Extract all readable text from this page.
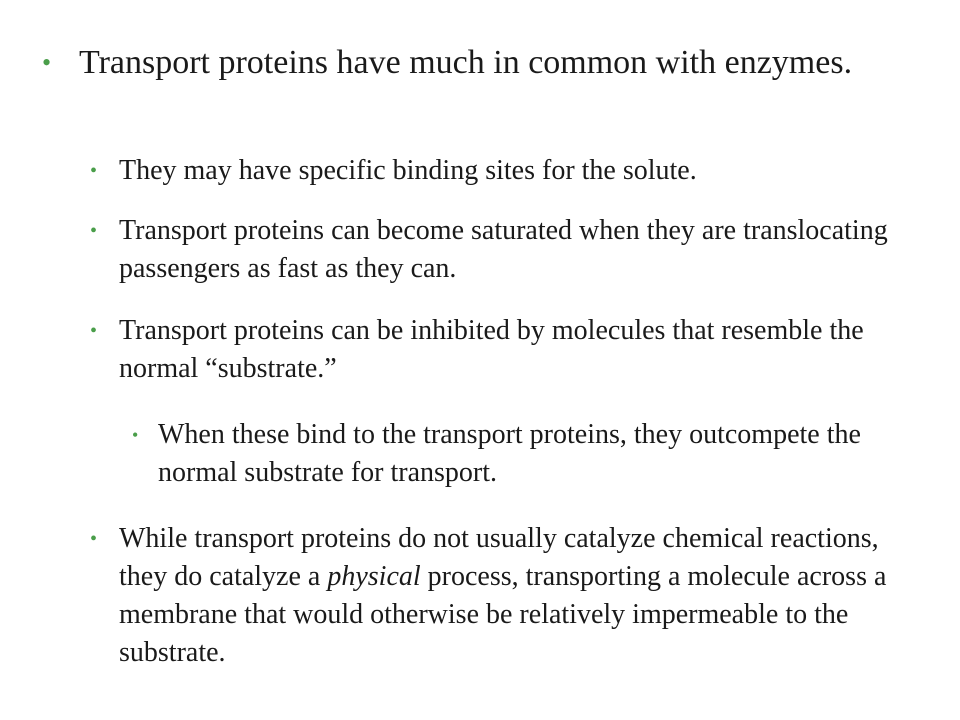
• Transport proteins have much in common with enzymes.
• They may have specific binding sites for the solute.
• Transport proteins can become saturated when they are translocating passengers as fast as they can.
• Transport proteins can be inhibited by molecules that resemble the normal “substrate.”
• When these bind to the transport proteins, they outcompete the normal substrate for transport.
• While transport proteins do not usually catalyze chemical reactions, they do catalyze a physical process, transporting a molecule across a membrane that would otherwise be relatively impermeable to the substrate.
